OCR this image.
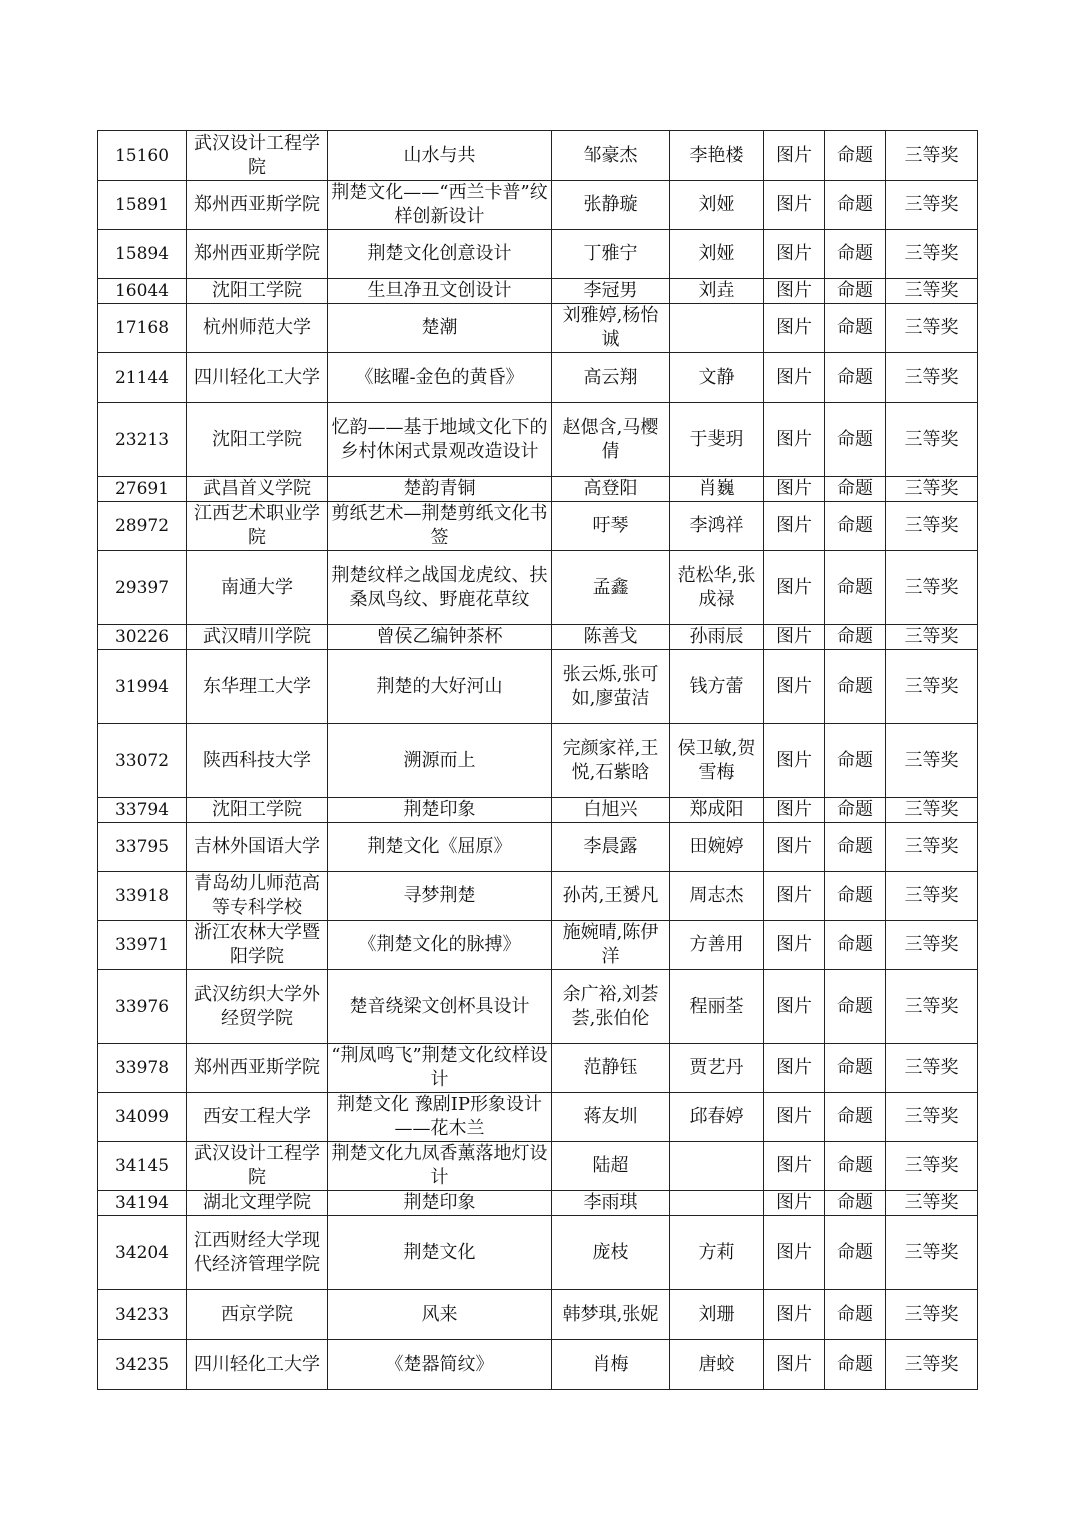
15160	武汉设计工程学院	山水与共	邹豪杰	李艳楼	图片	命题	三等奖
15891	郑州西亚斯学院	荆楚文化——“西兰卡普”纹样创新设计	张静璇	刘娅	图片	命题	三等奖
15894	郑州西亚斯学院	荆楚文化创意设计	丁雅宁	刘娅	图片	命题	三等奖
16044	沈阳工学院	生旦净丑文创设计	李冠男	刘垚	图片	命题	三等奖
17168	杭州师范大学	楚潮	刘雅婷,杨怡诚		图片	命题	三等奖
21144	四川轻化工大学	《眩曜-金色的黄昏》	高云翔	文静	图片	命题	三等奖
23213	沈阳工学院	忆韵——基于地域文化下的乡村休闲式景观改造设计	赵偲含,马樱倩	于斐玥	图片	命题	三等奖
27691	武昌首义学院	楚韵青铜	高登阳	肖巍	图片	命题	三等奖
28972	江西艺术职业学院	剪纸艺术—荆楚剪纸文化书签	吁琴	李鸿祥	图片	命题	三等奖
29397	南通大学	荆楚纹样之战国龙虎纹、扶桑凤鸟纹、野鹿花草纹	孟鑫	范松华,张成禄	图片	命题	三等奖
30226	武汉晴川学院	曾侯乙编钟茶杯	陈善戈	孙雨辰	图片	命题	三等奖
31994	东华理工大学	荆楚的大好河山	张云烁,张可如,廖萤洁	钱方蕾	图片	命题	三等奖
33072	陕西科技大学	溯源而上	完颜家祥,王悦,石紫晗	侯卫敏,贺雪梅	图片	命题	三等奖
33794	沈阳工学院	荆楚印象	白旭兴	郑成阳	图片	命题	三等奖
33795	吉林外国语大学	荆楚文化《屈原》	李晨露	田婉婷	图片	命题	三等奖
33918	青岛幼儿师范高等专科学校	寻梦荆楚	孙芮,王赟凡	周志杰	图片	命题	三等奖
33971	浙江农林大学暨阳学院	《荆楚文化的脉搏》	施婉晴,陈伊洋	方善用	图片	命题	三等奖
33976	武汉纺织大学外经贸学院	楚音绕梁文创杯具设计	余广裕,刘荟荟,张伯伦	程丽荃	图片	命题	三等奖
33978	郑州西亚斯学院	“荆凤鸣飞”荆楚文化纹样设计	范静钰	贾艺丹	图片	命题	三等奖
34099	西安工程大学	荆楚文化 豫剧IP形象设计——花木兰	蒋友圳	邱春婷	图片	命题	三等奖
34145	武汉设计工程学院	荆楚文化九凤香薰落地灯设计	陆超		图片	命题	三等奖
34194	湖北文理学院	荆楚印象	李雨琪		图片	命题	三等奖
34204	江西财经大学现代经济管理学院	荆楚文化	庞枝	方莉	图片	命题	三等奖
34233	西京学院	风来	韩梦琪,张妮	刘珊	图片	命题	三等奖
34235	四川轻化工大学	《楚器简纹》	肖梅	唐蛟	图片	命题	三等奖
